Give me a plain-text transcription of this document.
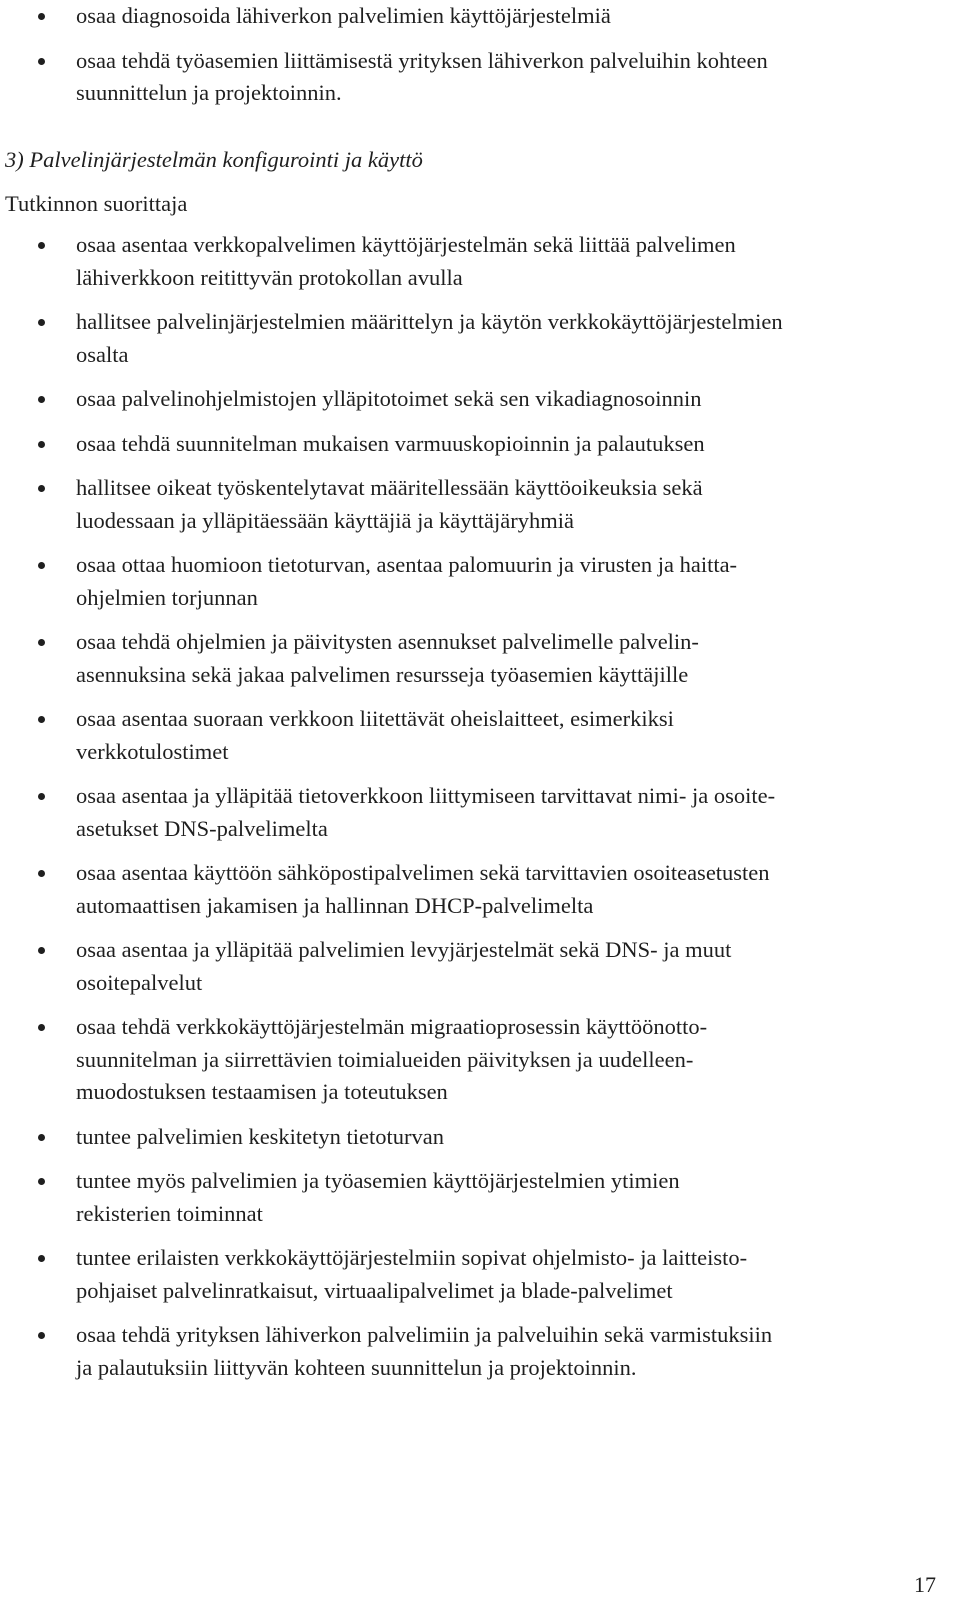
osaa diagnosoida lähiverkon palvelimien käyttöjärjestelmiä
osaa tehdä työasemien liittämisestä yrityksen lähiverkon palveluihin kohteen
suunnittelun ja projektoinnin.
3) Palvelinjärjestelmän konfigurointi ja käyttö

Tutkinnon suorittaja

osaa asentaa verkkopalvelimen käyttöjärjestelmän sekä liittää palvelimen
lähiverkkoon reitittyvän protokollan avulla
hallitsee palvelinjärjestelmien määrittelyn ja käytön verkkokäyttöjärjestelmien
osalta
osaa palvelinohjelmistojen ylläpitotoimet sekä sen vikadiagnosoinnin
osaa tehdä suunnitelman mukaisen varmuuskopioinnin ja palautuksen
hallitsee oikeat työskentelytavat määritellessään käyttöoikeuksia sekä
luodessaan ja ylläpitäessään käyttäjiä ja käyttäjäryhmiä
osaa ottaa huomioon tietoturvan, asentaa palomuurin ja virusten ja haitta-
ohjelmien torjunnan
osaa tehdä ohjelmien ja päivitysten asennukset palvelimelle palvelin-
asennuksina sekä jakaa palvelimen resursseja työasemien käyttäjille
osaa asentaa suoraan verkkoon liitettävät oheislaitteet, esimerkiksi
verkkotulostimet
osaa asentaa ja ylläpitää tietoverkkoon liittymiseen tarvittavat nimi- ja osoite-
asetukset DNS-palvelimelta
osaa asentaa käyttöön sähköpostipalvelimen sekä tarvittavien osoiteasetusten
automaattisen jakamisen ja hallinnan DHCP-palvelimelta
osaa asentaa ja ylläpitää palvelimien levyjärjestelmät sekä DNS- ja muut
osoitepalvelut
osaa tehdä verkkokäyttöjärjestelmän migraatioprosessin käyttöönotto-
suunnitelman ja siirrettävien toimialueiden päivityksen ja uudelleen-
muodostuksen testaamisen ja toteutuksen
tuntee palvelimien keskitetyn tietoturvan
tuntee myös palvelimien ja työasemien käyttöjärjestelmien ytimien
rekisterien toiminnat
tuntee erilaisten verkkokäyttöjärjestelmiin sopivat ohjelmisto- ja laitteisto-
pohjaiset palvelinratkaisut, virtuaalipalvelimet ja blade-palvelimet
osaa tehdä yrityksen lähiverkon palvelimiin ja palveluihin sekä varmistuksiin
ja palautuksiin liittyvän kohteen suunnittelun ja projektoinnin.
17
